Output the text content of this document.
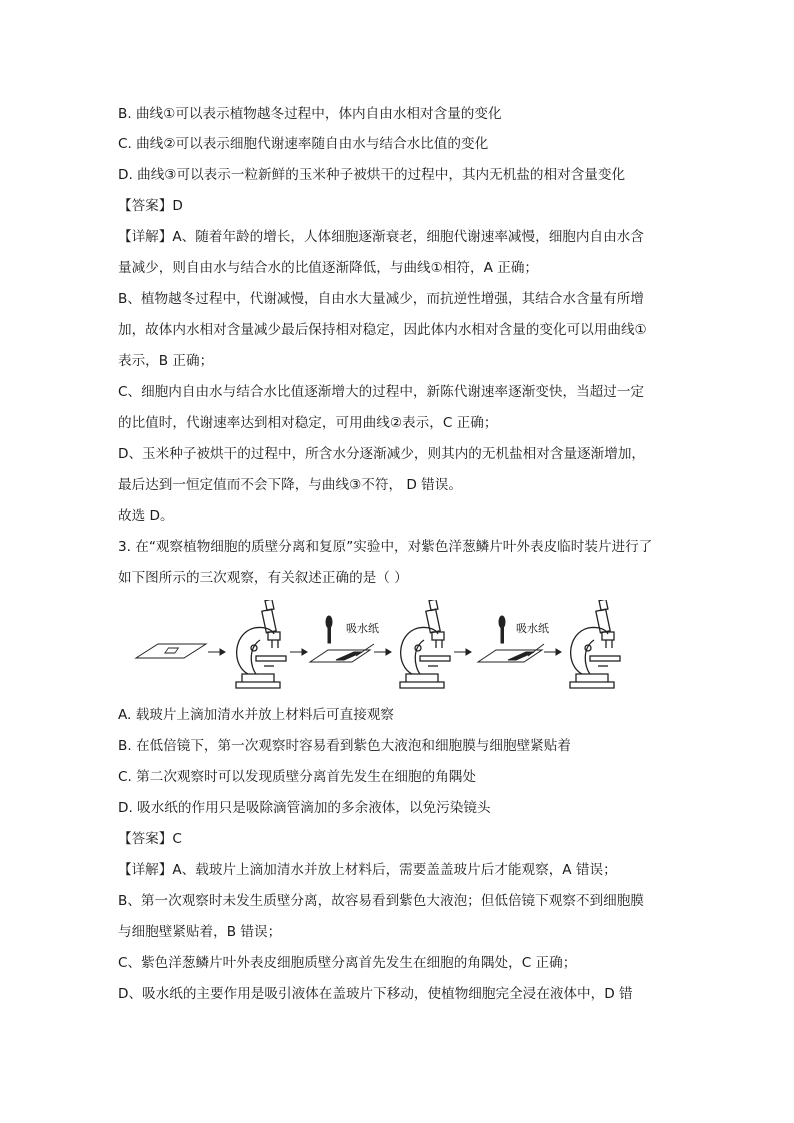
B. 曲线①可以表示植物越冬过程中，体内自由水相对含量的变化
C. 曲线②可以表示细胞代谢速率随自由水与结合水比值的变化
D. 曲线③可以表示一粒新鲜的玉米种子被烘干的过程中，其内无机盐的相对含量变化
【答案】D
【详解】A、随着年龄的增长，人体细胞逐渐衰老，细胞代谢速率减慢，细胞内自由水含
量减少，则自由水与结合水的比值逐渐降低，与曲线①相符，A 正确；
B、植物越冬过程中，代谢减慢，自由水大量减少，而抗逆性增强，其结合水含量有所增
加，故体内水相对含量减少最后保持相对稳定，因此体内水相对含量的变化可以用曲线①
表示，B 正确；
C、细胞内自由水与结合水比值逐渐增大的过程中，新陈代谢速率逐渐变快，当超过一定
的比值时，代谢速率达到相对稳定，可用曲线②表示，C 正确；
D、玉米种子被烘干的过程中，所含水分逐渐减少，则其内的无机盐相对含量逐渐增加，
最后达到一恒定值而不会下降，与曲线③不符， D 错误。
故选 D。
3. 在“观察植物细胞的质壁分离和复原”实验中，对紫色洋葱鳞片叶外表皮临时装片进行了
如下图所示的三次观察，有关叙述正确的是（ ）
吸水纸	吸水纸
A. 载玻片上滴加清水并放上材料后可直接观察
B. 在低倍镜下，第一次观察时容易看到紫色大液泡和细胞膜与细胞壁紧贴着
C. 第二次观察时可以发现质壁分离首先发生在细胞的角隅处
D. 吸水纸的作用只是吸除滴管滴加的多余液体，以免污染镜头
【答案】C
【详解】A、载玻片上滴加清水并放上材料后，需要盖盖玻片后才能观察，A 错误；
B、第一次观察时未发生质壁分离，故容易看到紫色大液泡；但低倍镜下观察不到细胞膜
与细胞壁紧贴着，B 错误；
C、紫色洋葱鳞片叶外表皮细胞质壁分离首先发生在细胞的角隅处，C 正确；
D、吸水纸的主要作用是吸引液体在盖玻片下移动，使植物细胞完全浸在液体中，D 错
